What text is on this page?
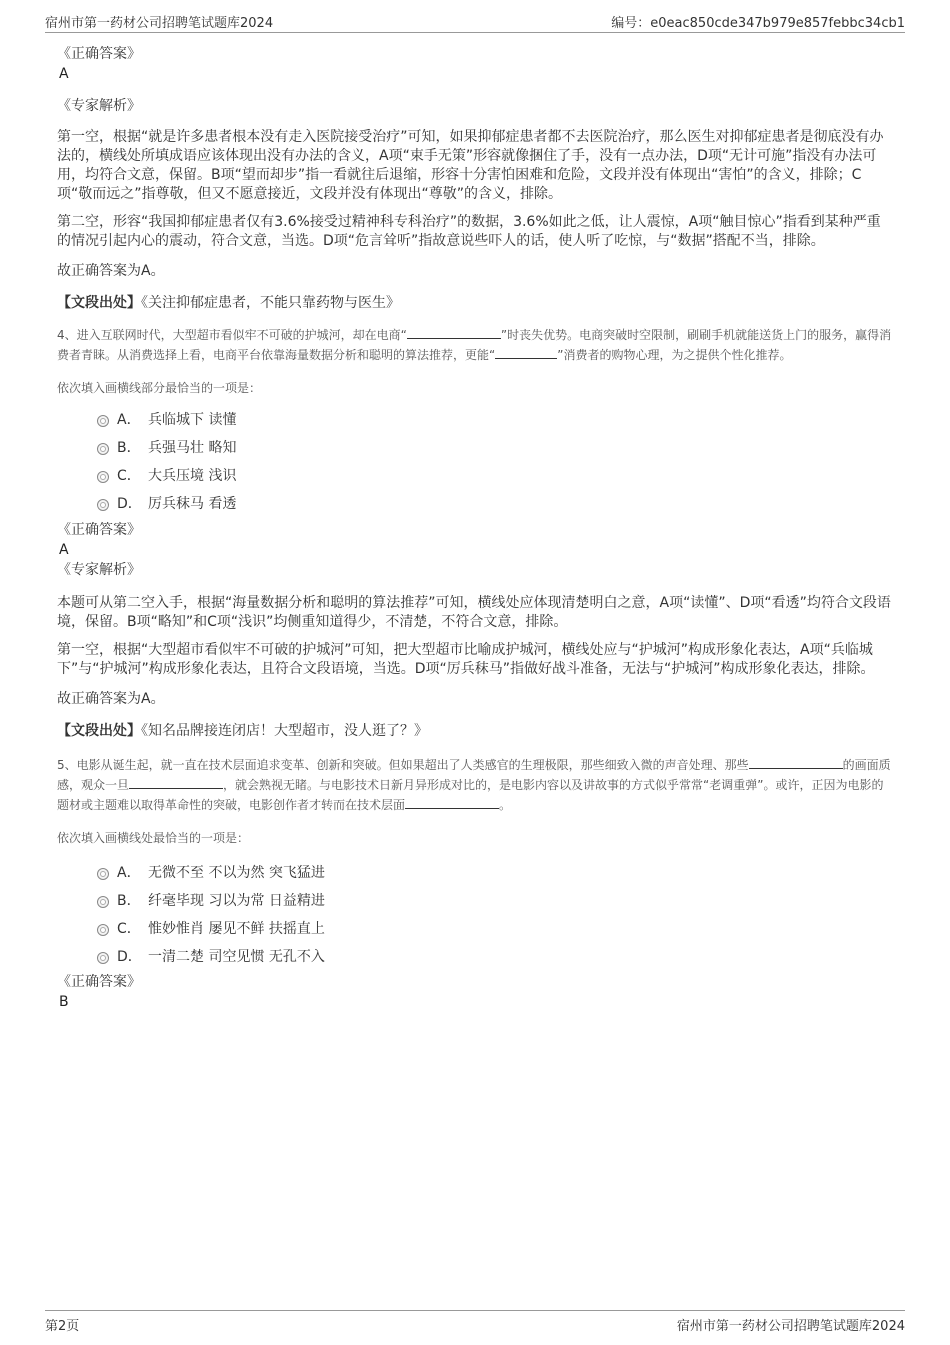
宿州市第一药材公司招聘笔试题库2024	编号：e0eac850cde347b979e857febbc34cb1
《正确答案》
A
《专家解析》

第一空，根据“就是许多患者根本没有走入医院接受治疗”可知，如果抑郁症患者都不去医院治疗，那么医生对抑郁症患者是彻底没有办法的，横线处所填成语应该体现出没有办法的含义，A项“束手无策”形容就像捆住了手，没有一点办法，D项“无计可施”指没有办法可用，均符合文意，保留。B项“望而却步”指一看就往后退缩，形容十分害怕困难和危险，文段并没有体现出“害怕”的含义，排除；C项“敬而远之”指尊敬，但又不愿意接近，文段并没有体现出“尊敬”的含义，排除。

第二空，形容“我国抑郁症患者仅有3.6%接受过精神科专科治疗”的数据，3.6%如此之低，让人震惊，A项“触目惊心”指看到某种严重的情况引起内心的震动，符合文意，当选。D项“危言耸听”指故意说些吓人的话，使人听了吃惊，与“数据”搭配不当，排除。

故正确答案为A。

【文段出处】《关注抑郁症患者，不能只靠药物与医生》

4、进入互联网时代，大型超市看似牢不可破的护城河，却在电商“	”时丧失优势。电商突破时空限制，刷刷手机就能送货上门的服务，赢得消费者青睐。从消费选择上看，电商平台依靠海量数据分析和聪明的算法推荐，更能“	”消费者的购物心理，为之提供个性化推荐。

依次填入画横线部分最恰当的一项是：

A． 兵临城下 读懂
B． 兵强马壮 略知
C． 大兵压境 浅识
D． 厉兵秣马 看透
《正确答案》
A
《专家解析》

本题可从第二空入手，根据“海量数据分析和聪明的算法推荐”可知，横线处应体现清楚明白之意，A项“读懂”、D项“看透”均符合文段语境，保留。B项“略知”和C项“浅识”均侧重知道得少，不清楚，不符合文意，排除。

第一空，根据“大型超市看似牢不可破的护城河”可知，把大型超市比喻成护城河，横线处应与“护城河”构成形象化表达，A项“兵临城下”与“护城河”构成形象化表达，且符合文段语境，当选。D项“厉兵秣马”指做好战斗准备，无法与“护城河”构成形象化表达，排除。

故正确答案为A。

【文段出处】《知名品牌接连闭店！大型超市，没人逛了？》

5、电影从诞生起，就一直在技术层面追求变革、创新和突破。但如果超出了人类感官的生理极限，那些细致入微的声音处理、那些	的画面质感，观众一旦	，就会熟视无睹。与电影技术日新月异形成对比的，是电影内容以及讲故事的方式似乎常常“老调重弹”。或许，正因为电影的题材或主题难以取得革命性的突破，电影创作者才转而在技术层面	。

依次填入画横线处最恰当的一项是：

A． 无微不至 不以为然 突飞猛进
B． 纤毫毕现 习以为常 日益精进
C． 惟妙惟肖 屡见不鲜 扶摇直上
D． 一清二楚 司空见惯 无孔不入
《正确答案》
B
第2页	宿州市第一药材公司招聘笔试题库2024
